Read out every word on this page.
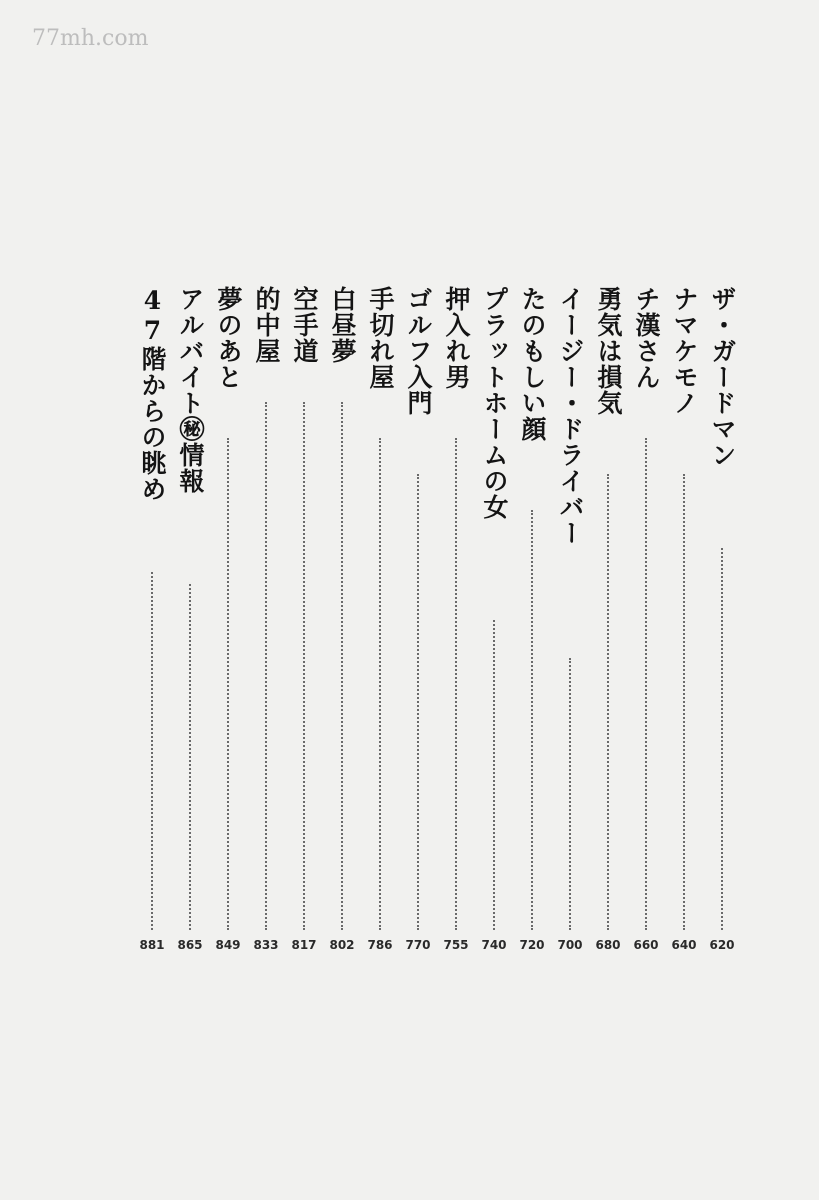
77mh.com
ザ・ガードマン
620
ナマケモノ
640
チ漢さん
660
勇気は損気
680
イージー・ドライバー
700
たのもしい顔
720
プラットホームの女
740
押入れ男
755
ゴルフ入門
770
手切れ屋
786
白昼夢
802
空手道
817
的中屋
833
夢のあと
849
アルバイト㊙情報
865
47階からの眺め
881
